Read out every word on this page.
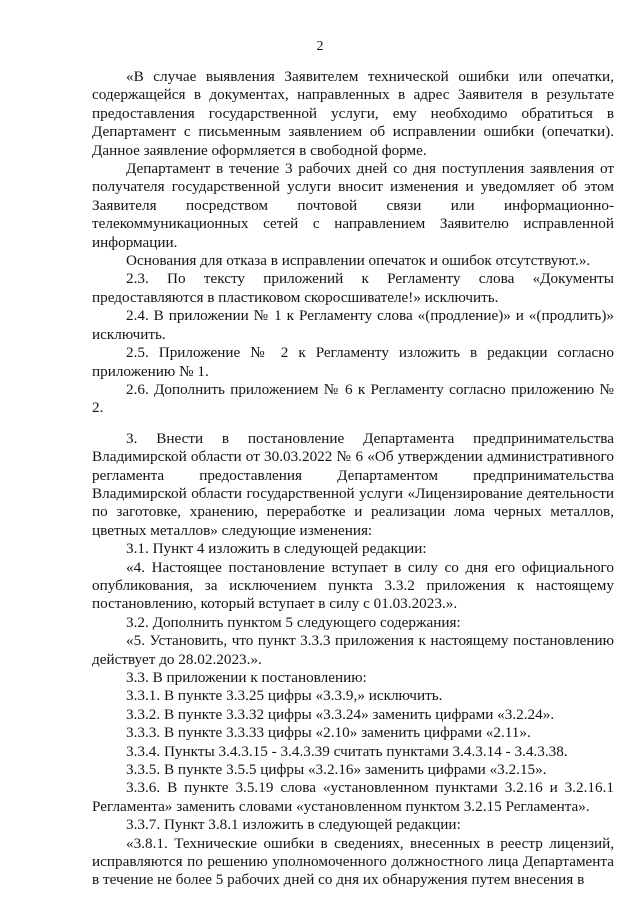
2

«В случае выявления Заявителем технической ошибки или опечатки, содержащейся в документах, направленных в адрес Заявителя в результате предоставления государственной услуги, ему необходимо обратиться в Департамент с письменным заявлением об исправлении ошибки (опечатки). Данное заявление оформляется в свободной форме.

Департамент в течение 3 рабочих дней со дня поступления заявления от получателя государственной услуги вносит изменения и уведомляет об этом Заявителя посредством почтовой связи или информационно-телекоммуникационных сетей с направлением Заявителю исправленной информации.

Основания для отказа в исправлении опечаток и ошибок отсутствуют.».

2.3. По тексту приложений к Регламенту слова «Документы предоставляются в пластиковом скоросшивателе!» исключить.

2.4. В приложении № 1 к Регламенту слова «(продление)» и «(продлить)» исключить.

2.5. Приложение № 2 к Регламенту изложить в редакции согласно приложению № 1.

2.6. Дополнить приложением № 6 к Регламенту согласно приложению № 2.

3. Внести в постановление Департамента предпринимательства Владимирской области от 30.03.2022 № 6 «Об утверждении административного регламента предоставления Департаментом предпринимательства Владимирской области государственной услуги «Лицензирование деятельности по заготовке, хранению, переработке и реализации лома черных металлов, цветных металлов» следующие изменения:

3.1. Пункт 4 изложить в следующей редакции:

«4. Настоящее постановление вступает в силу со дня его официального опубликования, за исключением пункта 3.3.2 приложения к настоящему постановлению, который вступает в силу с 01.03.2023.».

3.2. Дополнить пунктом 5 следующего содержания:

«5. Установить, что пункт 3.3.3 приложения к настоящему постановлению действует до 28.02.2023.».

3.3. В приложении к постановлению:

3.3.1. В пункте 3.3.25 цифры «3.3.9,» исключить.

3.3.2. В пункте 3.3.32 цифры «3.3.24» заменить цифрами «3.2.24».

3.3.3. В пункте 3.3.33 цифры «2.10» заменить цифрами «2.11».

3.3.4. Пункты 3.4.3.15 - 3.4.3.39 считать пунктами 3.4.3.14 - 3.4.3.38.

3.3.5. В пункте 3.5.5 цифры «3.2.16» заменить цифрами «3.2.15».

3.3.6. В пункте 3.5.19 слова «установленном пунктами 3.2.16 и 3.2.16.1 Регламента» заменить словами «установленном пунктом 3.2.15 Регламента».

3.3.7. Пункт 3.8.1 изложить в следующей редакции:

«3.8.1. Технические ошибки в сведениях, внесенных в реестр лицензий, исправляются по решению уполномоченного должностного лица Департамента в течение не более 5 рабочих дней со дня их обнаружения путем внесения в
